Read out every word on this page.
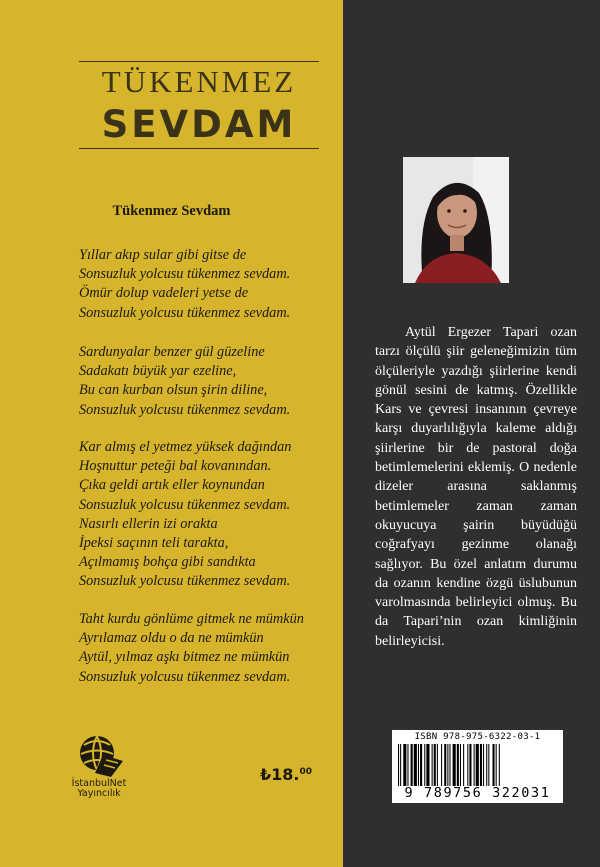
TÜKENMEZ
SEVDAM
Tükenmez Sevdam
Yıllar akıp sular gibi gitse de
Sonsuzluk yolcusu tükenmez sevdam.
Ömür dolup vadeleri yetse de
Sonsuzluk yolcusu tükenmez sevdam.
Sardunyalar benzer gül güzeline
Sadakatı büyük yar ezeline,
Bu can kurban olsun şirin diline,
Sonsuzluk yolcusu tükenmez sevdam.
Kar almış el yetmez yüksek dağından
Hoşnuttur peteği bal kovanından.
Çıka geldi artık eller koynundan
Sonsuzluk yolcusu tükenmez sevdam.
Nasırlı ellerin izi orakta
İpeksi saçının teli tarakta,
Açılmamış bohça gibi sandıkta
Sonsuzluk yolcusu tükenmez sevdam.
Taht kurdu gönlüme gitmek ne mümkün
Ayrılamaz oldu o da ne mümkün
Aytül, yılmaz aşkı bitmez ne mümkün
Sonsuzluk yolcusu tükenmez sevdam.
İstanbulNet
Yayıncılık
₺18.00
Aytül Ergezer Tapari ozan tarzı ölçülü şiir geleneğimizin tüm ölçüleriyle yazdığı şiirlerine kendi gönül sesini de katmış. Özellikle Kars ve çevresi insanının çevreye karşı duyarlılığıyla kaleme aldığı şiirlerine bir de pastoral doğa betimlemelerini eklemiş. O nedenle dizeler arasına saklanmış betimlemeler zaman zaman okuyucuya şairin büyüdüğü coğrafyayı gezinme olanağı sağlıyor. Bu özel anlatım durumu da ozanın kendine özgü üslubunun varolmasında belirleyici olmuş. Bu da Tapari’nin ozan kimliğinin belirleyicisi.
ISBN 978-975-6322-03-1
9 789756 322031
